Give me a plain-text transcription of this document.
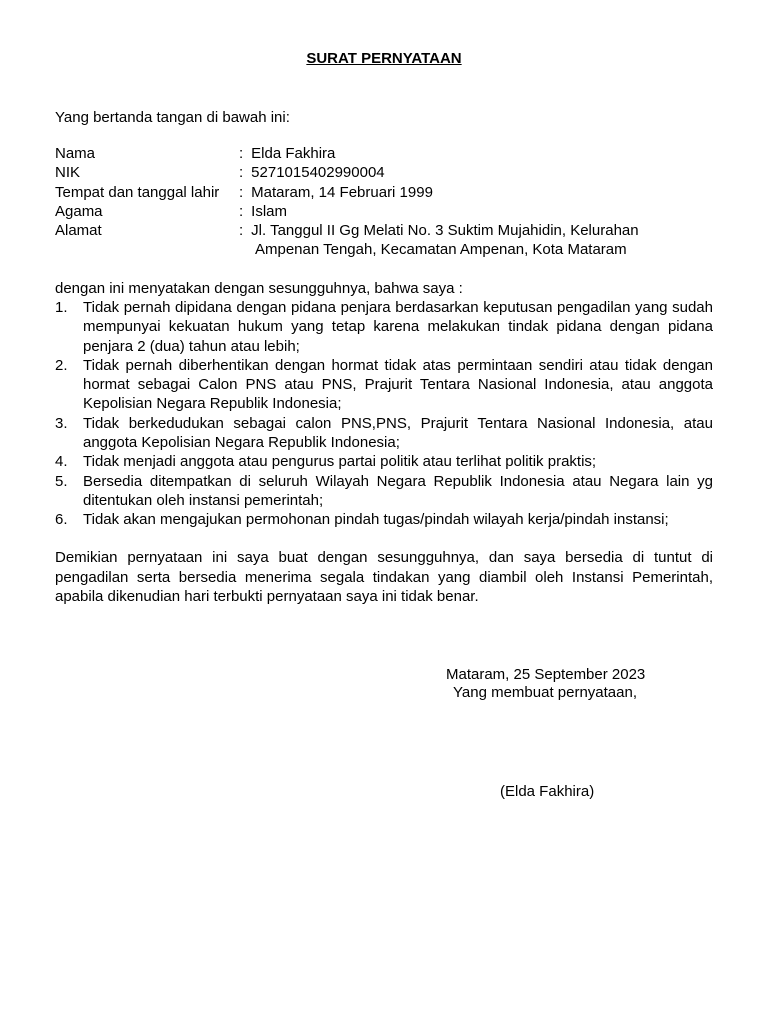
SURAT PERNYATAAN

Yang bertanda tangan di bawah ini:

Nama	: Elda Fakhira
NIK	: 5271015402990004
Tempat dan tanggal lahir	: Mataram, 14 Februari 1999
Agama	: Islam
Alamat	: Jl. Tanggul II Gg Melati No. 3 Suktim Mujahidin, Kelurahan
Ampenan Tengah, Kecamatan Ampenan, Kota Mataram

dengan ini menyatakan dengan sesungguhnya, bahwa saya :

1.	Tidak pernah dipidana dengan pidana penjara berdasarkan keputusan pengadilan yang sudah mempunyai kekuatan hukum yang tetap karena melakukan tindak pidana dengan pidana penjara 2 (dua) tahun atau lebih;
2.	Tidak pernah diberhentikan dengan hormat tidak atas permintaan sendiri atau tidak dengan hormat sebagai Calon PNS atau PNS, Prajurit Tentara Nasional Indonesia, atau anggota Kepolisian Negara Republik Indonesia;
3.	Tidak berkedudukan sebagai calon PNS,PNS, Prajurit Tentara Nasional Indonesia, atau anggota Kepolisian Negara Republik Indonesia;
4.	Tidak menjadi anggota atau pengurus partai politik atau terlihat politik praktis;
5.	Bersedia ditempatkan di seluruh Wilayah Negara Republik Indonesia atau Negara lain yg ditentukan oleh instansi pemerintah;
6.	Tidak akan mengajukan permohonan pindah tugas/pindah wilayah kerja/pindah instansi;

Demikian pernyataan ini saya buat dengan sesungguhnya, dan saya bersedia di tuntut di pengadilan serta bersedia menerima segala tindakan yang diambil oleh Instansi Pemerintah, apabila dikenudian hari terbukti pernyataan saya ini tidak benar.

Mataram, 25 September 2023

Yang membuat pernyataan,

(Elda Fakhira)
